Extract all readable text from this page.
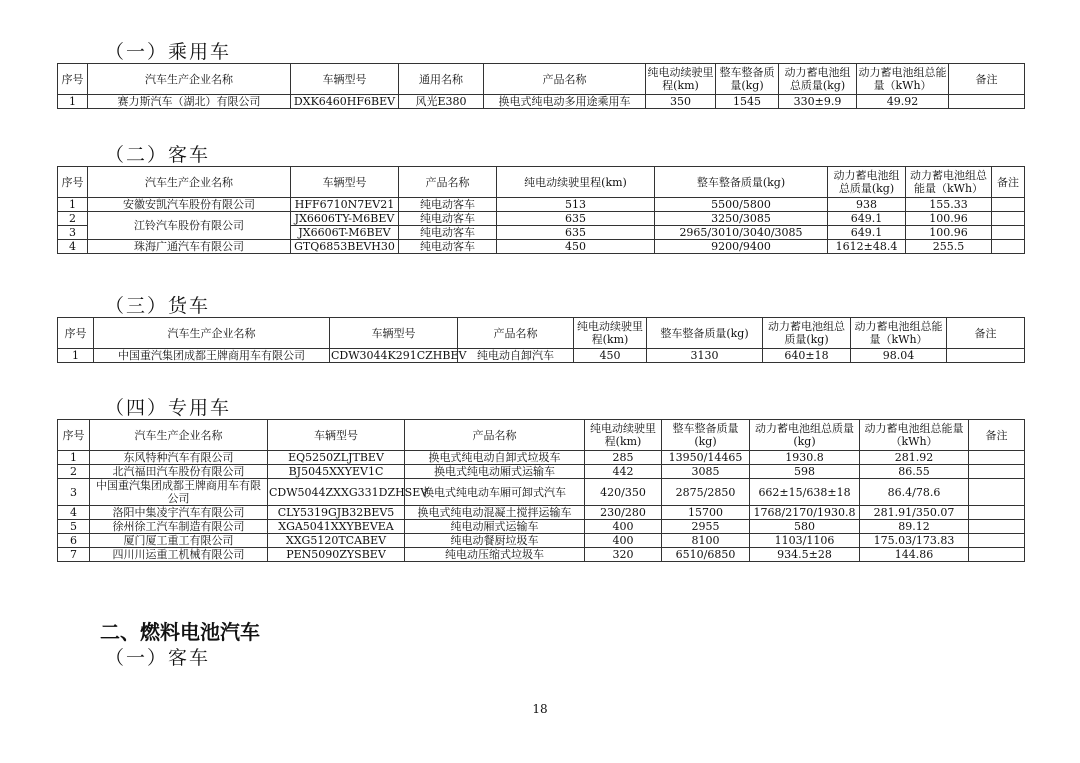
（一）乘用车
序号	汽车生产企业名称	车辆型号	通用名称	产品名称	纯电动续驶里程(km)	整车整备质量(kg)	动力蓄电池组总质量(kg)	动力蓄电池组总能量（kWh）	备注
1	赛力斯汽车（湖北）有限公司	DXK6460HF6BEV	风光E380	换电式纯电动多用途乘用车	350	1545	330±9.9	49.92	
（二）客车
序号	汽车生产企业名称	车辆型号	产品名称	纯电动续驶里程(km)	整车整备质量(kg)	动力蓄电池组总质量(kg)	动力蓄电池组总能量（kWh）	备注
1	安徽安凯汽车股份有限公司	HFF6710N7EV21	纯电动客车	513	5500/5800	938	155.33	
2	江铃汽车股份有限公司	JX6606TY-M6BEV	纯电动客车	635	3250/3085	649.1	100.96	
3		JX6606T-M6BEV	纯电动客车	635	2965/3010/3040/3085	649.1	100.96	
4	珠海广通汽车有限公司	GTQ6853BEVH30	纯电动客车	450	9200/9400	1612±48.4	255.5	
（三）货车
序号	汽车生产企业名称	车辆型号	产品名称	纯电动续驶里程(km)	整车整备质量(kg)	动力蓄电池组总质量(kg)	动力蓄电池组总能量（kWh）	备注
1	中国重汽集团成都王牌商用车有限公司	CDW3044K291CZHBEV	纯电动自卸汽车	450	3130	640±18	98.04	
（四）专用车
序号	汽车生产企业名称	车辆型号	产品名称	纯电动续驶里程(km)	整车整备质量(kg)	动力蓄电池组总质量(kg)	动力蓄电池组总能量（kWh）	备注
1	东风特种汽车有限公司	EQ5250ZLJTBEV	换电式纯电动自卸式垃圾车	285	13950/14465	1930.8	281.92	
2	北汽福田汽车股份有限公司	BJ5045XXYEV1C	换电式纯电动厢式运输车	442	3085	598	86.55	
3	中国重汽集团成都王牌商用车有限公司	CDW5044ZXXG331DZHSEV	换电式纯电动车厢可卸式汽车	420/350	2875/2850	662±15/638±18	86.4/78.6	
4	洛阳中集凌宇汽车有限公司	CLY5319GJB32BEV5	换电式纯电动混凝土搅拌运输车	230/280	15700	1768/2170/1930.8	281.91/350.07	
5	徐州徐工汽车制造有限公司	XGA5041XXYBEVEA	纯电动厢式运输车	400	2955	580	89.12	
6	厦门厦工重工有限公司	XXG5120TCABEV	纯电动餐厨垃圾车	400	8100	1103/1106	175.03/173.83	
7	四川川运重工机械有限公司	PEN5090ZYSBEV	纯电动压缩式垃圾车	320	6510/6850	934.5±28	144.86	
二、燃料电池汽车
（一）客车
18
